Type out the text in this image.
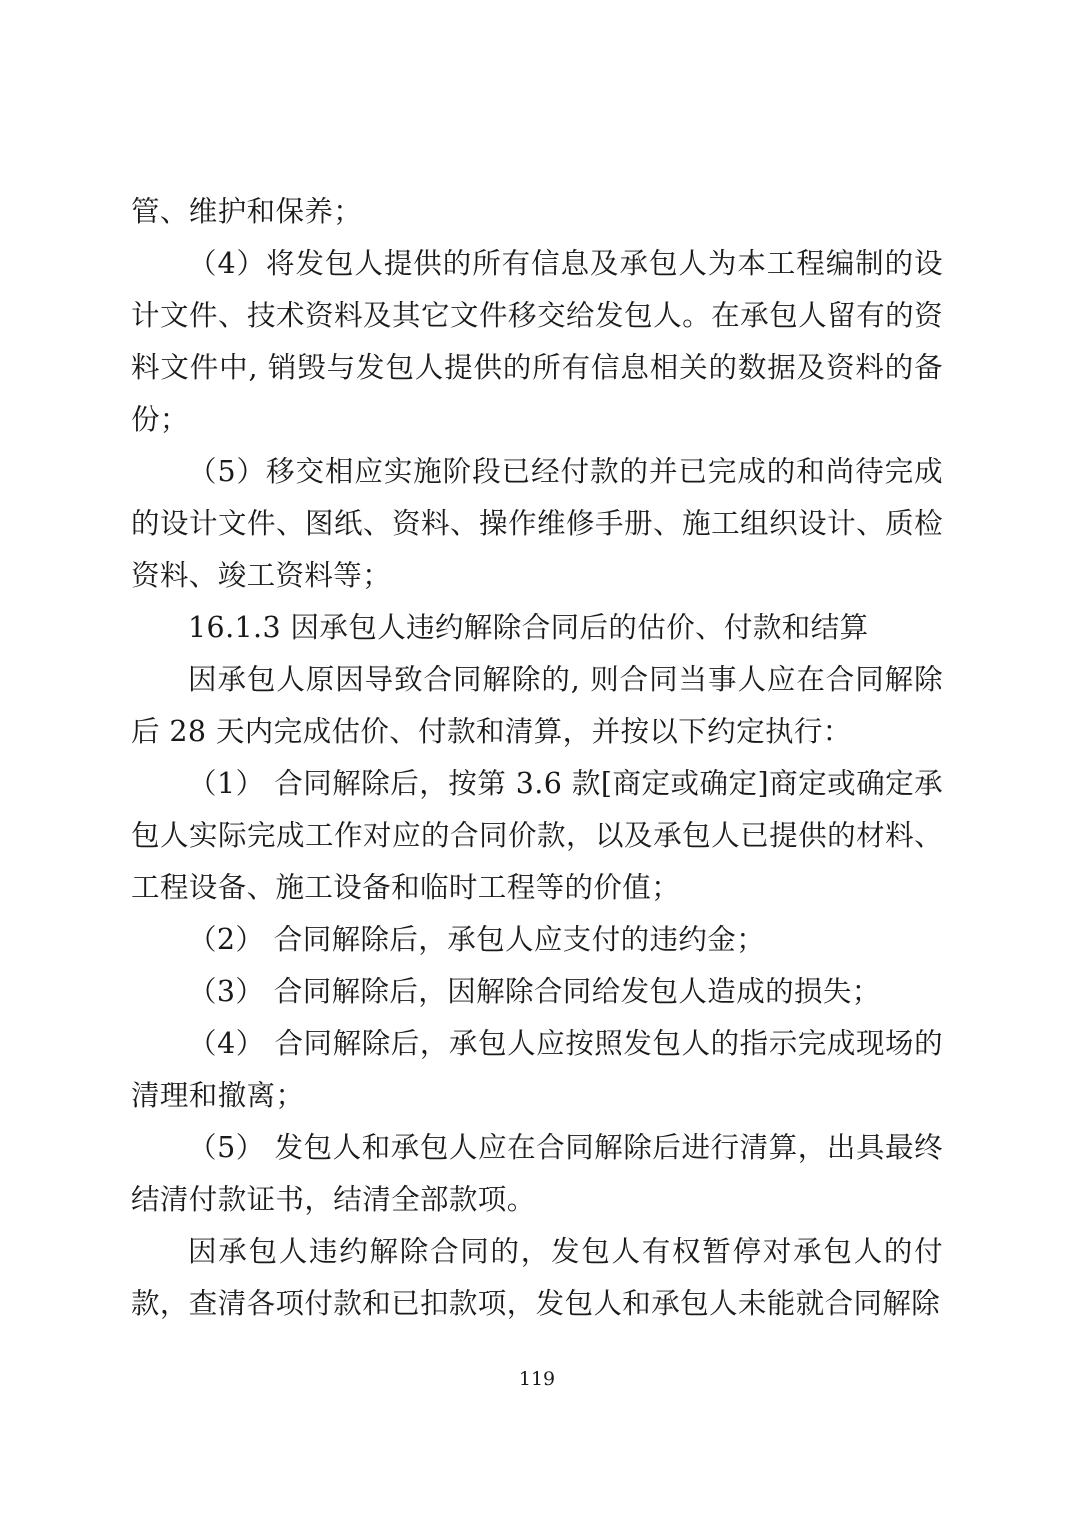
管、维护和保养；

（4）将发包人提供的所有信息及承包人为本工程编制的设计文件、技术资料及其它文件移交给发包人。在承包人留有的资料文件中, 销毁与发包人提供的所有信息相关的数据及资料的备份；

（5）移交相应实施阶段已经付款的并已完成的和尚待完成的设计文件、图纸、资料、操作维修手册、施工组织设计、质检资料、竣工资料等；

16.1.3 因承包人违约解除合同后的估价、付款和结算

因承包人原因导致合同解除的, 则合同当事人应在合同解除后 28 天内完成估价、付款和清算，并按以下约定执行：

（1） 合同解除后，按第 3.6 款[商定或确定]商定或确定承包人实际完成工作对应的合同价款，以及承包人已提供的材料、工程设备、施工设备和临时工程等的价值；

（2） 合同解除后，承包人应支付的违约金；

（3） 合同解除后，因解除合同给发包人造成的损失；

（4） 合同解除后，承包人应按照发包人的指示完成现场的清理和撤离；

（5） 发包人和承包人应在合同解除后进行清算，出具最终结清付款证书，结清全部款项。

因承包人违约解除合同的，发包人有权暂停对承包人的付款，查清各项付款和已扣款项，发包人和承包人未能就合同解除

119
